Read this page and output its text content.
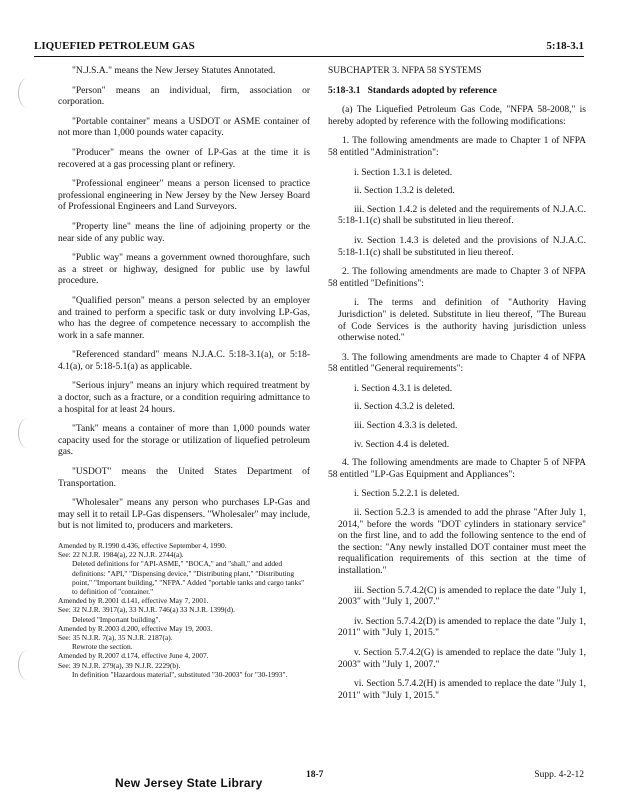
LIQUEFIED PETROLEUM GAS	5:18-3.1

"N.J.S.A." means the New Jersey Statutes Annotated.

"Person" means an individual, firm, association or corporation.

"Portable container" means a USDOT or ASME container of not more than 1,000 pounds water capacity.

"Producer" means the owner of LP-Gas at the time it is recovered at a gas processing plant or refinery.

"Professional engineer" means a person licensed to practice professional engineering in New Jersey by the New Jersey Board of Professional Engineers and Land Surveyors.

"Property line" means the line of adjoining property or the near side of any public way.

"Public way" means a government owned thoroughfare, such as a street or highway, designed for public use by lawful procedure.

"Qualified person" means a person selected by an employer and trained to perform a specific task or duty involving LP-Gas, who has the degree of competence necessary to accomplish the work in a safe manner.

"Referenced standard" means N.J.A.C. 5:18-3.1(a), or 5:18-4.1(a), or 5:18-5.1(a) as applicable.

"Serious injury" means an injury which required treatment by a doctor, such as a fracture, or a condition requiring admittance to a hospital for at least 24 hours.

"Tank" means a container of more than 1,000 pounds water capacity used for the storage or utilization of liquefied petroleum gas.

"USDOT" means the United States Department of Transportation.

"Wholesaler" means any person who purchases LP-Gas and may sell it to retail LP-Gas dispensers. "Wholesaler" may include, but is not limited to, producers and marketers.

Amended by R.1990 d.436, effective September 4, 1990.
See: 22 N.J.R. 1984(a), 22 N.J.R. 2744(a).
Deleted definitions for "API-ASME," "BOCA," and "shall," and added definitions: "API," "Dispensing device," "Distributing plant," "Distributing point," "Important building," "NFPA." Added "portable tanks and cargo tanks" to definition of "container."
Amended by R.2001 d.141, effective May 7, 2001.
See: 32 N.J.R. 3917(a), 33 N.J.R. 746(a) 33 N.J.R. 1399(d).
Deleted "Important building".
Amended by R.2003 d.200, effective May 19, 2003.
See: 35 N.J.R. 7(a), 35 N.J.R. 2187(a).
Rewrote the section.
Amended by R.2007 d.174, effective June 4, 2007.
See: 39 N.J.R. 279(a), 39 N.J.R. 2229(b).
In definition "Hazardous material", substituted "30-2003" for "30-1993".

SUBCHAPTER 3. NFPA 58 SYSTEMS

5:18-3.1 Standards adopted by reference

(a) The Liquefied Petroleum Gas Code, "NFPA 58-2008," is hereby adopted by reference with the following modifications:

1. The following amendments are made to Chapter 1 of NFPA 58 entitled "Administration":

i. Section 1.3.1 is deleted.

ii. Section 1.3.2 is deleted.

iii. Section 1.4.2 is deleted and the requirements of N.J.A.C. 5:18-1.1(c) shall be substituted in lieu thereof.

iv. Section 1.4.3 is deleted and the provisions of N.J.A.C. 5:18-1.1(c) shall be substituted in lieu thereof.

2. The following amendments are made to Chapter 3 of NFPA 58 entitled "Definitions":

i. The terms and definition of "Authority Having Jurisdiction" is deleted. Substitute in lieu thereof, "The Bureau of Code Services is the authority having jurisdiction unless otherwise noted."

3. The following amendments are made to Chapter 4 of NFPA 58 entitled "General requirements":

i. Section 4.3.1 is deleted.

ii. Section 4.3.2 is deleted.

iii. Section 4.3.3 is deleted.

iv. Section 4.4 is deleted.

4. The following amendments are made to Chapter 5 of NFPA 58 entitled "LP-Gas Equipment and Appliances":

i. Section 5.2.2.1 is deleted.

ii. Section 5.2.3 is amended to add the phrase "After July 1, 2014," before the words "DOT cylinders in stationary service" on the first line, and to add the following sentence to the end of the section: "Any newly installed DOT container must meet the requalification requirements of this section at the time of installation."

iii. Section 5.7.4.2(C) is amended to replace the date "July 1, 2003" with "July 1, 2007."

iv. Section 5.7.4.2(D) is amended to replace the date "July 1, 2011" with "July 1, 2015."

v. Section 5.7.4.2(G) is amended to replace the date "July 1, 2003" with "July 1, 2007."

vi. Section 5.7.4.2(H) is amended to replace the date "July 1, 2011" with "July 1, 2015."

New Jersey State Library
18-7	Supp. 4-2-12
